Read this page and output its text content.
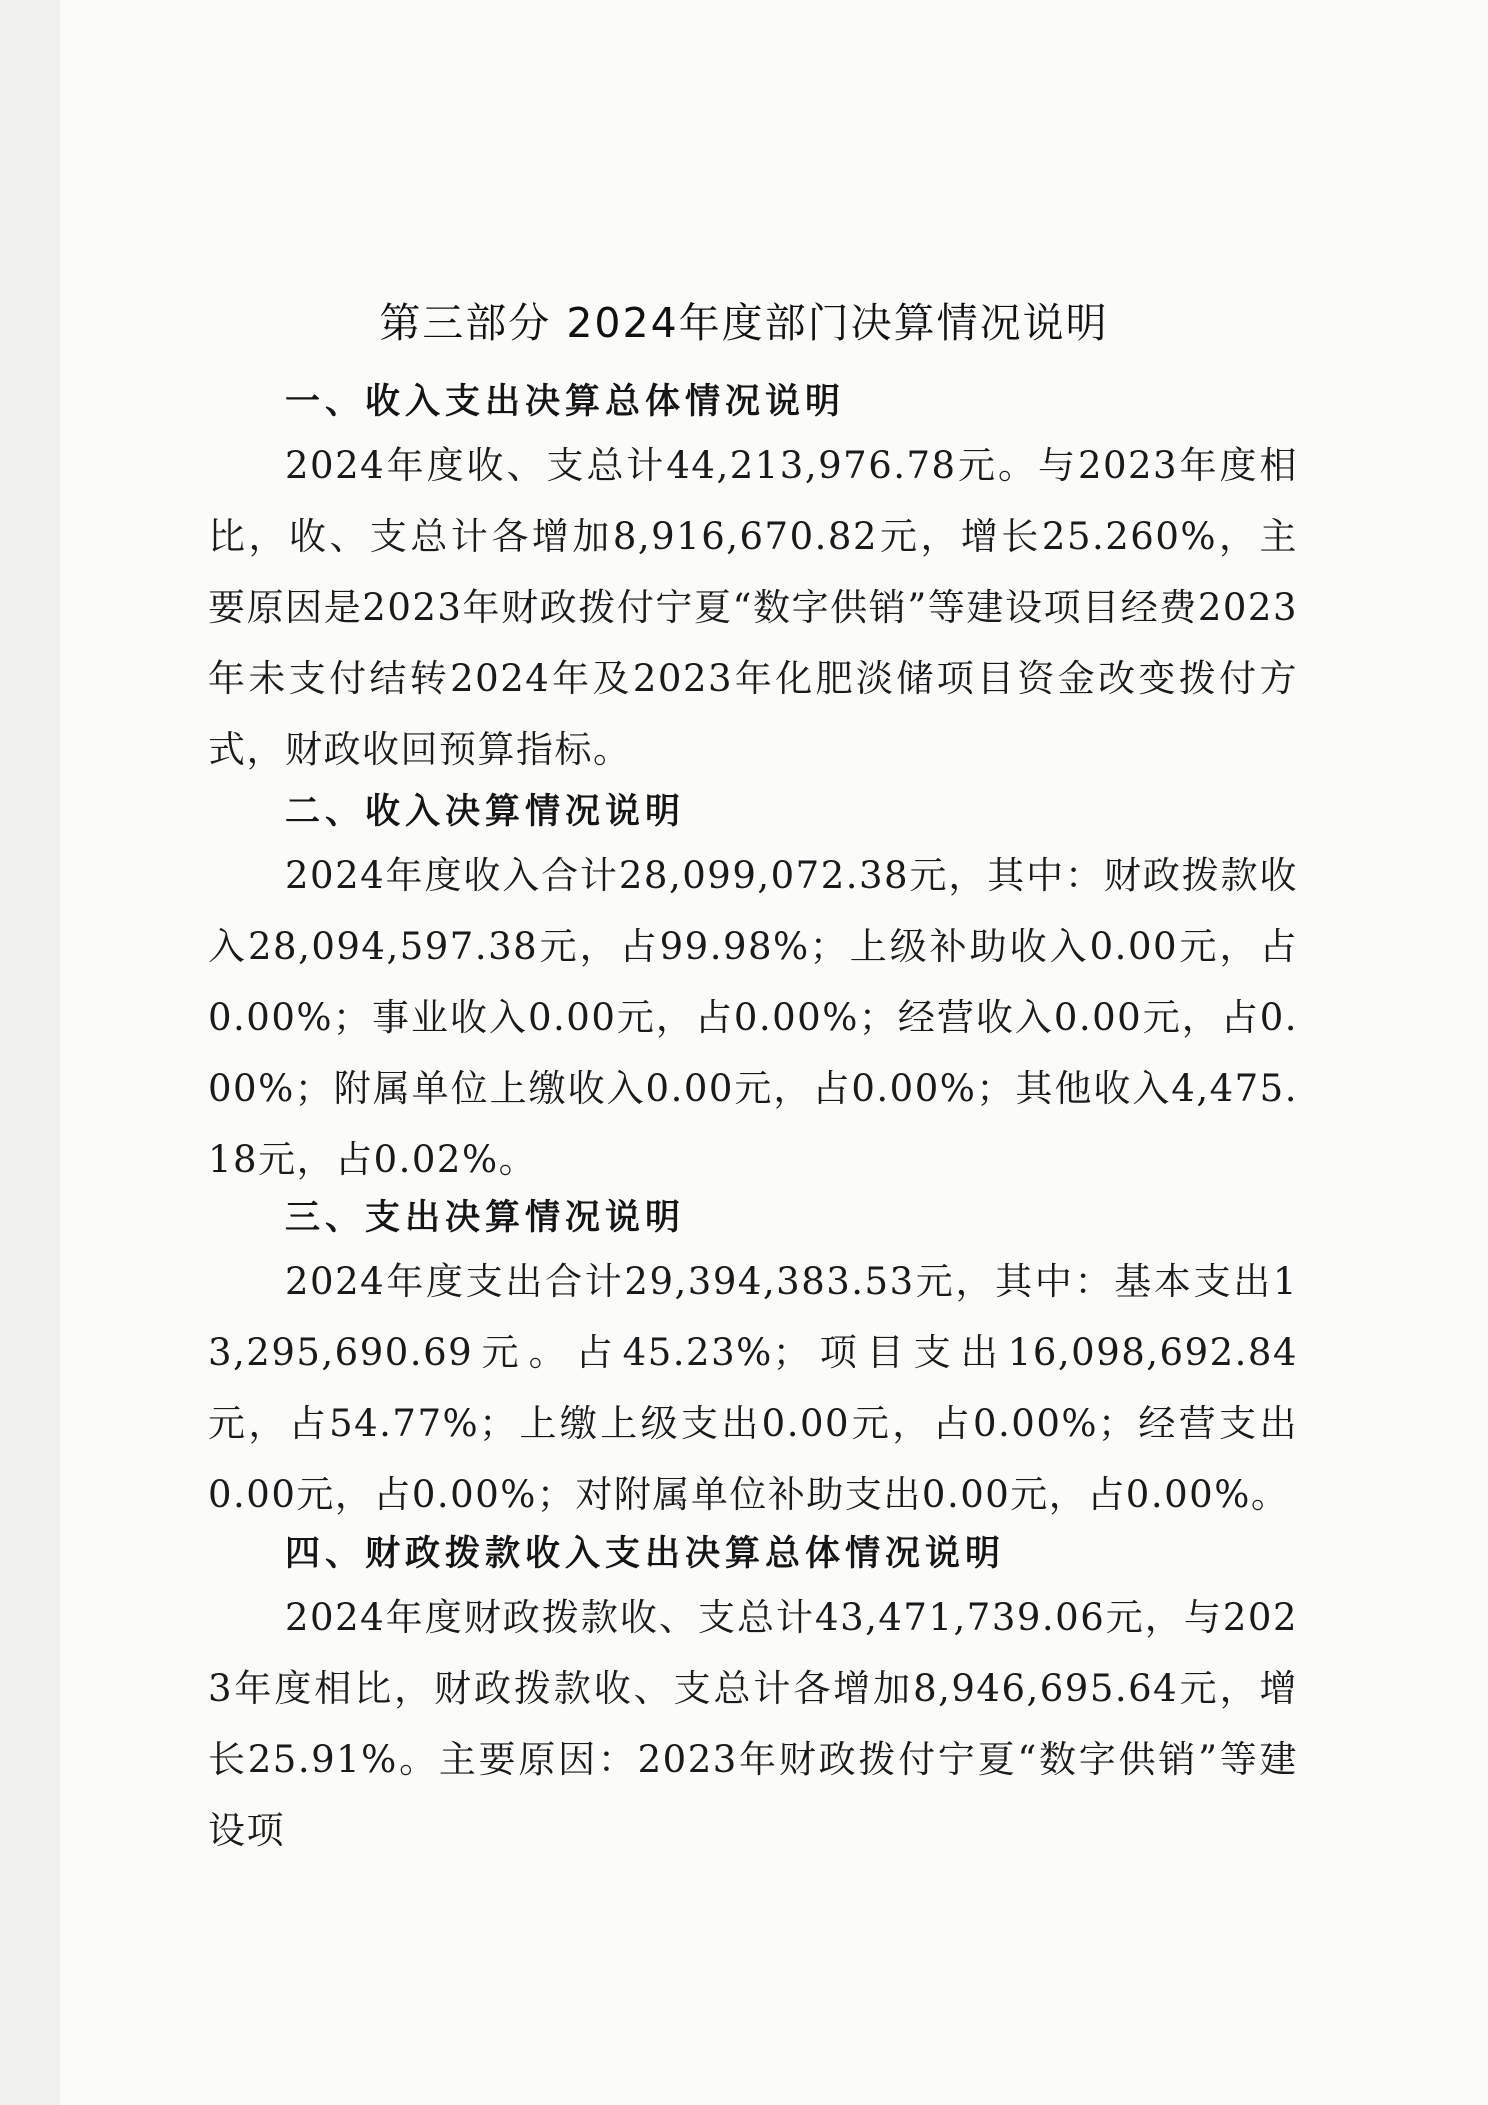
第三部分 2024年度部门决算情况说明
一、收入支出决算总体情况说明
2024年度收、支总计44,213,976.78元。与2023年度相比，收、支总计各增加8,916,670.82元，增长25.260%，主要原因是2023年财政拨付宁夏“数字供销”等建设项目经费2023年未支付结转2024年及2023年化肥淡储项目资金改变拨付方式，财政收回预算指标。
二、收入决算情况说明
2024年度收入合计28,099,072.38元，其中：财政拨款收入28,094,597.38元，占99.98%；上级补助收入0.00元，占0.00%；事业收入0.00元，占0.00%；经营收入0.00元，占0.00%；附属单位上缴收入0.00元，占0.00%；其他收入4,475.18元，占0.02%。
三、支出决算情况说明
2024年度支出合计29,394,383.53元，其中：基本支出13,295,690.69元。占45.23%；项目支出16,098,692.84元，占54.77%；上缴上级支出0.00元，占0.00%；经营支出0.00元，占0.00%；对附属单位补助支出0.00元，占0.00%。
四、财政拨款收入支出决算总体情况说明
2024年度财政拨款收、支总计43,471,739.06元，与2023年度相比，财政拨款收、支总计各增加8,946,695.64元，增长25.91%。主要原因：2023年财政拨付宁夏“数字供销”等建设项
